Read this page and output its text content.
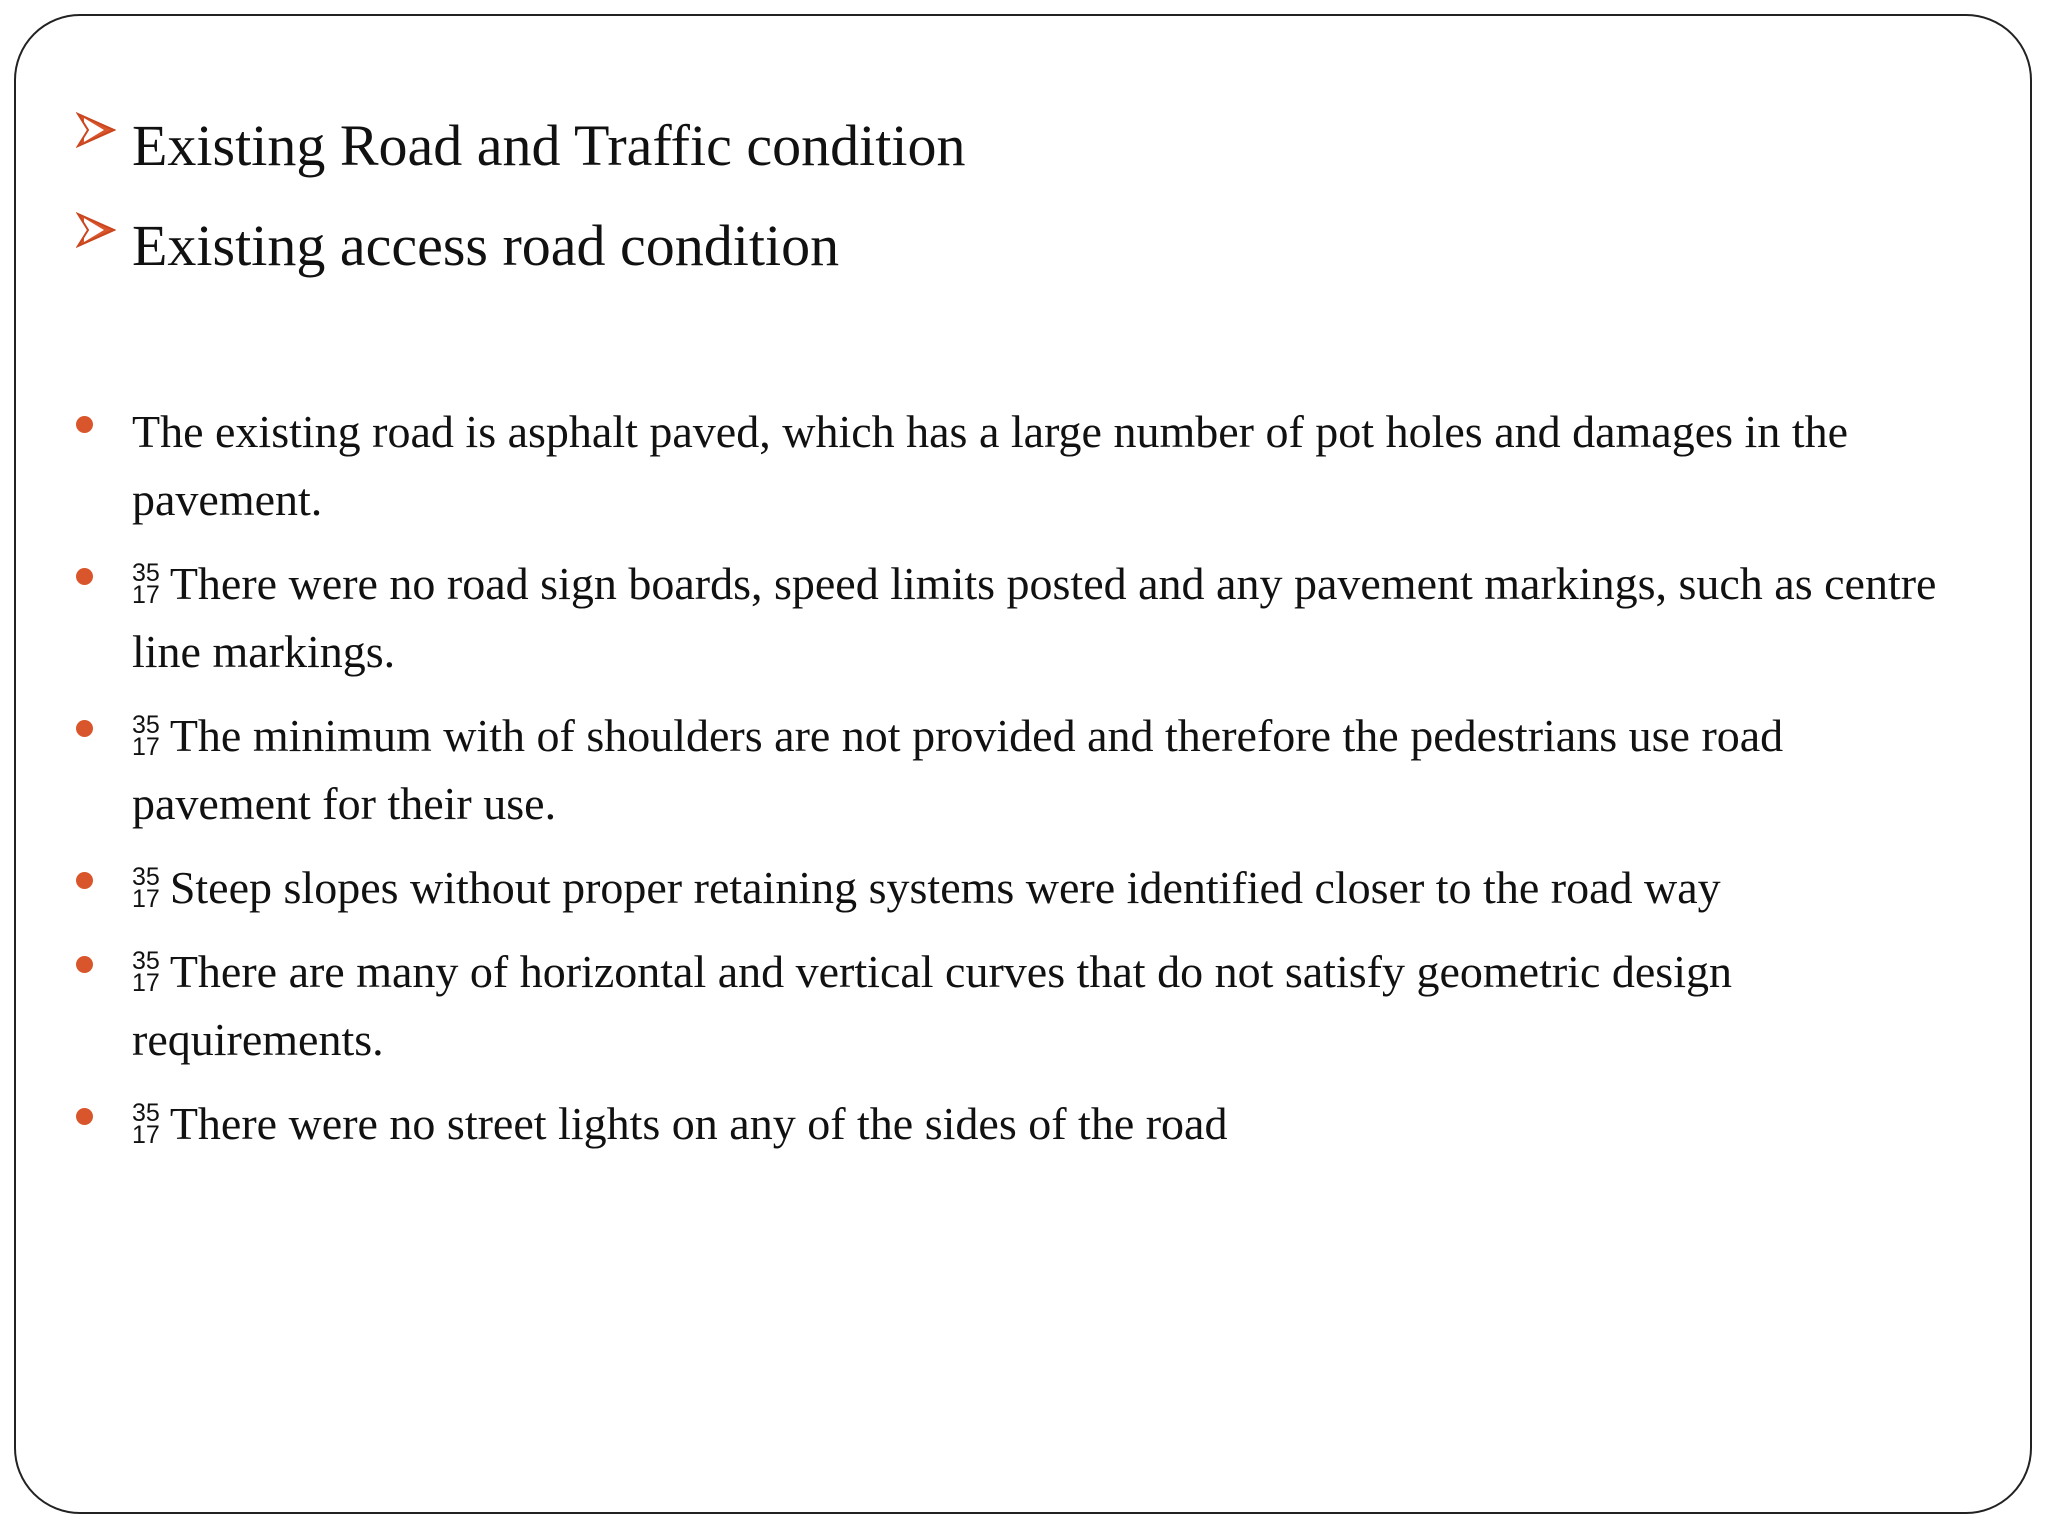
Existing Road and Traffic condition
Existing access road condition
The existing road is asphalt paved, which has a large number of pot holes and damages in the pavement.
35
17 There were no road sign boards, speed limits posted and any pavement markings, such as centre line markings.
35
17 The minimum with of shoulders are not provided and therefore the pedestrians use road pavement for their use.
35
17 Steep slopes without proper retaining systems were identified closer to the road way
35
17 There are many of horizontal and vertical curves that do not satisfy geometric design requirements.
35
17 There were no street lights on any of the sides of the road
